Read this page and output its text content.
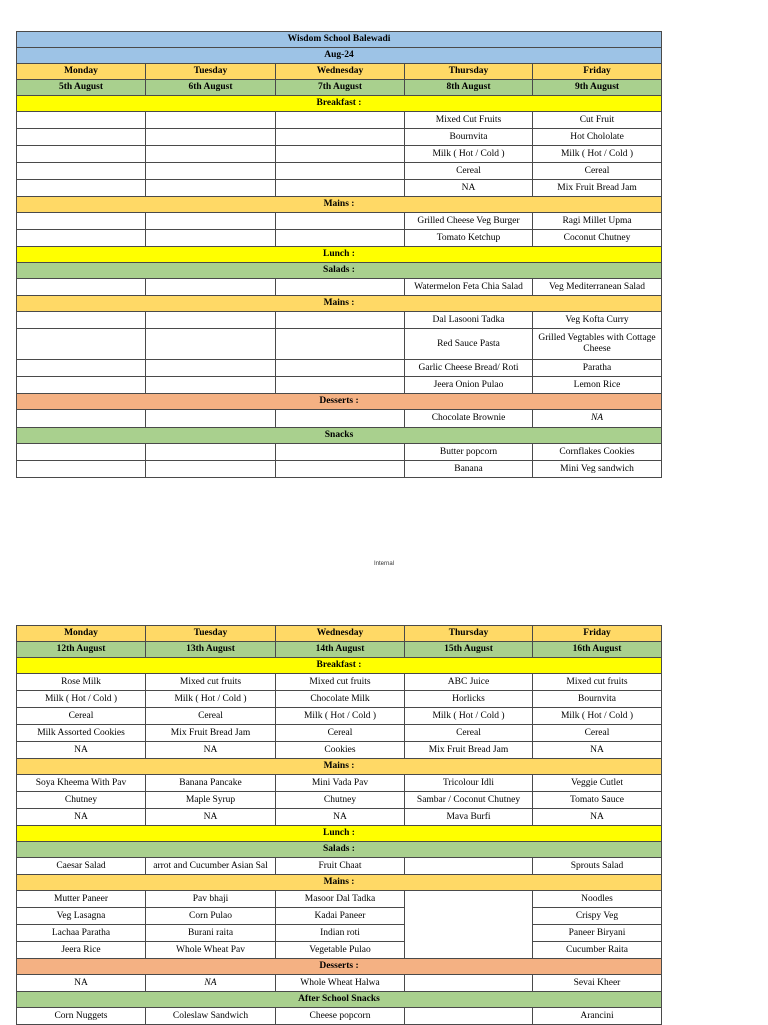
Wisdom School Balewadi				
Aug-24				
Monday	Tuesday	Wednesday	Thursday	Friday
5th August	6th August	7th August	8th August	9th August
Breakfast :				
			Mixed Cut Fruits	Cut Fruit
			Bournvita	Hot Chololate
			Milk ( Hot / Cold )	Milk ( Hot / Cold )
			Cereal	Cereal
			NA	Mix Fruit Bread Jam
Mains :				
			Grilled Cheese Veg Burger	Ragi Millet Upma
			Tomato Ketchup	Coconut Chutney
Lunch :				
Salads :				
			Watermelon Feta Chia Salad	Veg Mediterranean Salad
Mains :				
			Dal Lasooni Tadka	Veg Kofta Curry
			Red Sauce Pasta	Grilled Vegtables with Cottage Cheese
			Garlic Cheese Bread/ Roti	Paratha
			Jeera Onion Pulao	Lemon Rice
Desserts :				
			Chocolate Brownie	NA
Snacks				
			Butter popcorn	Cornflakes Cookies
			Banana	Mini Veg sandwich
Internal
Monday	Tuesday	Wednesday	Thursday	Friday
12th August	13th August	14th August	15th August	16th August
Breakfast :				
Rose Milk	Mixed cut fruits	Mixed cut fruits	ABC Juice	Mixed cut fruits
Milk ( Hot / Cold )	Milk ( Hot / Cold )	Chocolate Milk	Horlicks	Bournvita
Cereal	Cereal	Milk ( Hot / Cold )	Milk ( Hot / Cold )	Milk ( Hot / Cold )
Milk Assorted Cookies	Mix Fruit Bread Jam	Cereal	Cereal	Cereal
NA	NA	Cookies	Mix Fruit Bread Jam	NA
Mains :				
Soya Kheema With Pav	Banana Pancake	Mini Vada Pav	Tricolour Idli	Veggie Cutlet
Chutney	Maple Syrup	Chutney	Sambar / Coconut Chutney	Tomato Sauce
NA	NA	NA	Mava Burfi	NA
Lunch :				
Salads :				
Caesar Salad	arrot and Cucumber Asian Sal	Fruit Chaat		Sprouts Salad
Mains :				
Mutter Paneer	Pav bhaji	Masoor Dal Tadka		Noodles
Veg Lasagna	Corn Pulao	Kadai Paneer		Crispy Veg
Lachaa Paratha	Burani raita	Indian roti		Paneer Biryani
Jeera Rice	Whole Wheat Pav	Vegetable Pulao		Cucumber Raita
Desserts :				
NA	NA	Whole Wheat Halwa		Sevai Kheer
After School Snacks				
Corn Nuggets	Coleslaw Sandwich	Cheese popcorn		Arancini
